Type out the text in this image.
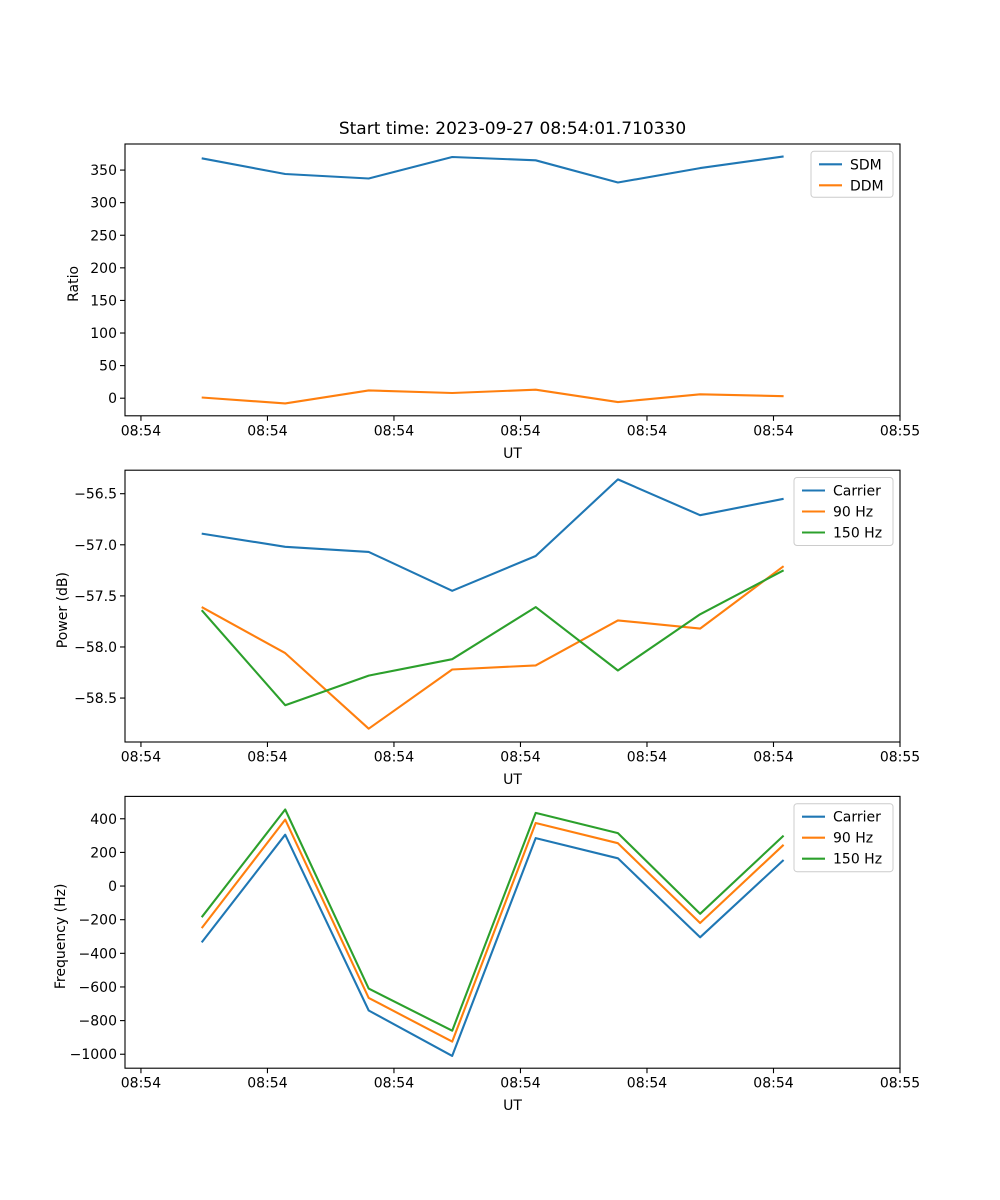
Start time: 2023-09-27 08:54:01.710330
08:54	08:54	08:54	08:54	08:54	08:54	08:55
0
50
100
150
200
250
300
350
UT
Ratio
SDM
DDM
08:54	08:54	08:54	08:54	08:54	08:54	08:55
−56.5
−57.0
−57.5
−58.0
−58.5
UT
Power (dB)
Carrier
90 Hz
150 Hz
08:54	08:54	08:54	08:54	08:54	08:54	08:55
−1000
−800
−600
−400
−200
0
200
400
UT
Frequency (Hz)
Carrier
90 Hz
150 Hz
